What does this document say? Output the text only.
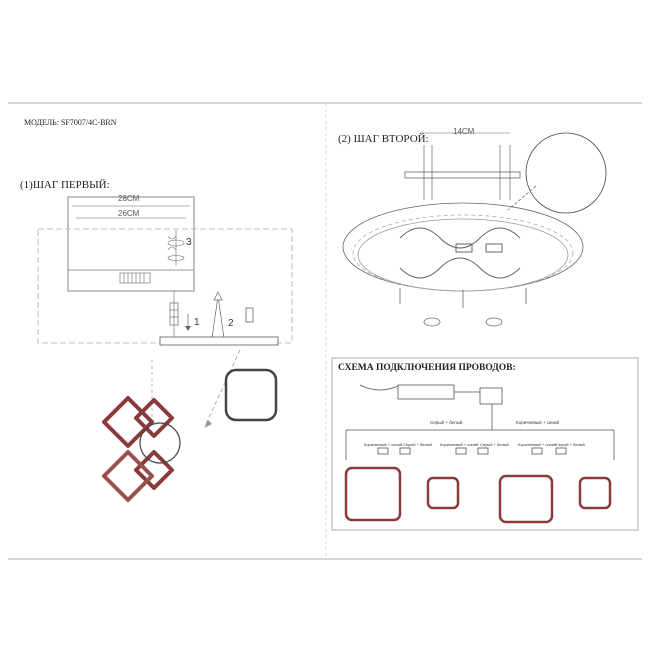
МОДЕЛЬ: SF7007/4C-BRN
(1)ШАГ ПЕРВЫЙ:
(2) ШАГ ВТОРОЙ:
СХЕМА ПОДКЛЮЧЕНИЯ ПРОВОДОВ:
28CM
26CM
14CM
3
1	2
Серый + белый	Коричневый + синий
Коричневый + синий Серый + белый Коричневый + синий Серый + белый Коричневый + синий Серый + белый
